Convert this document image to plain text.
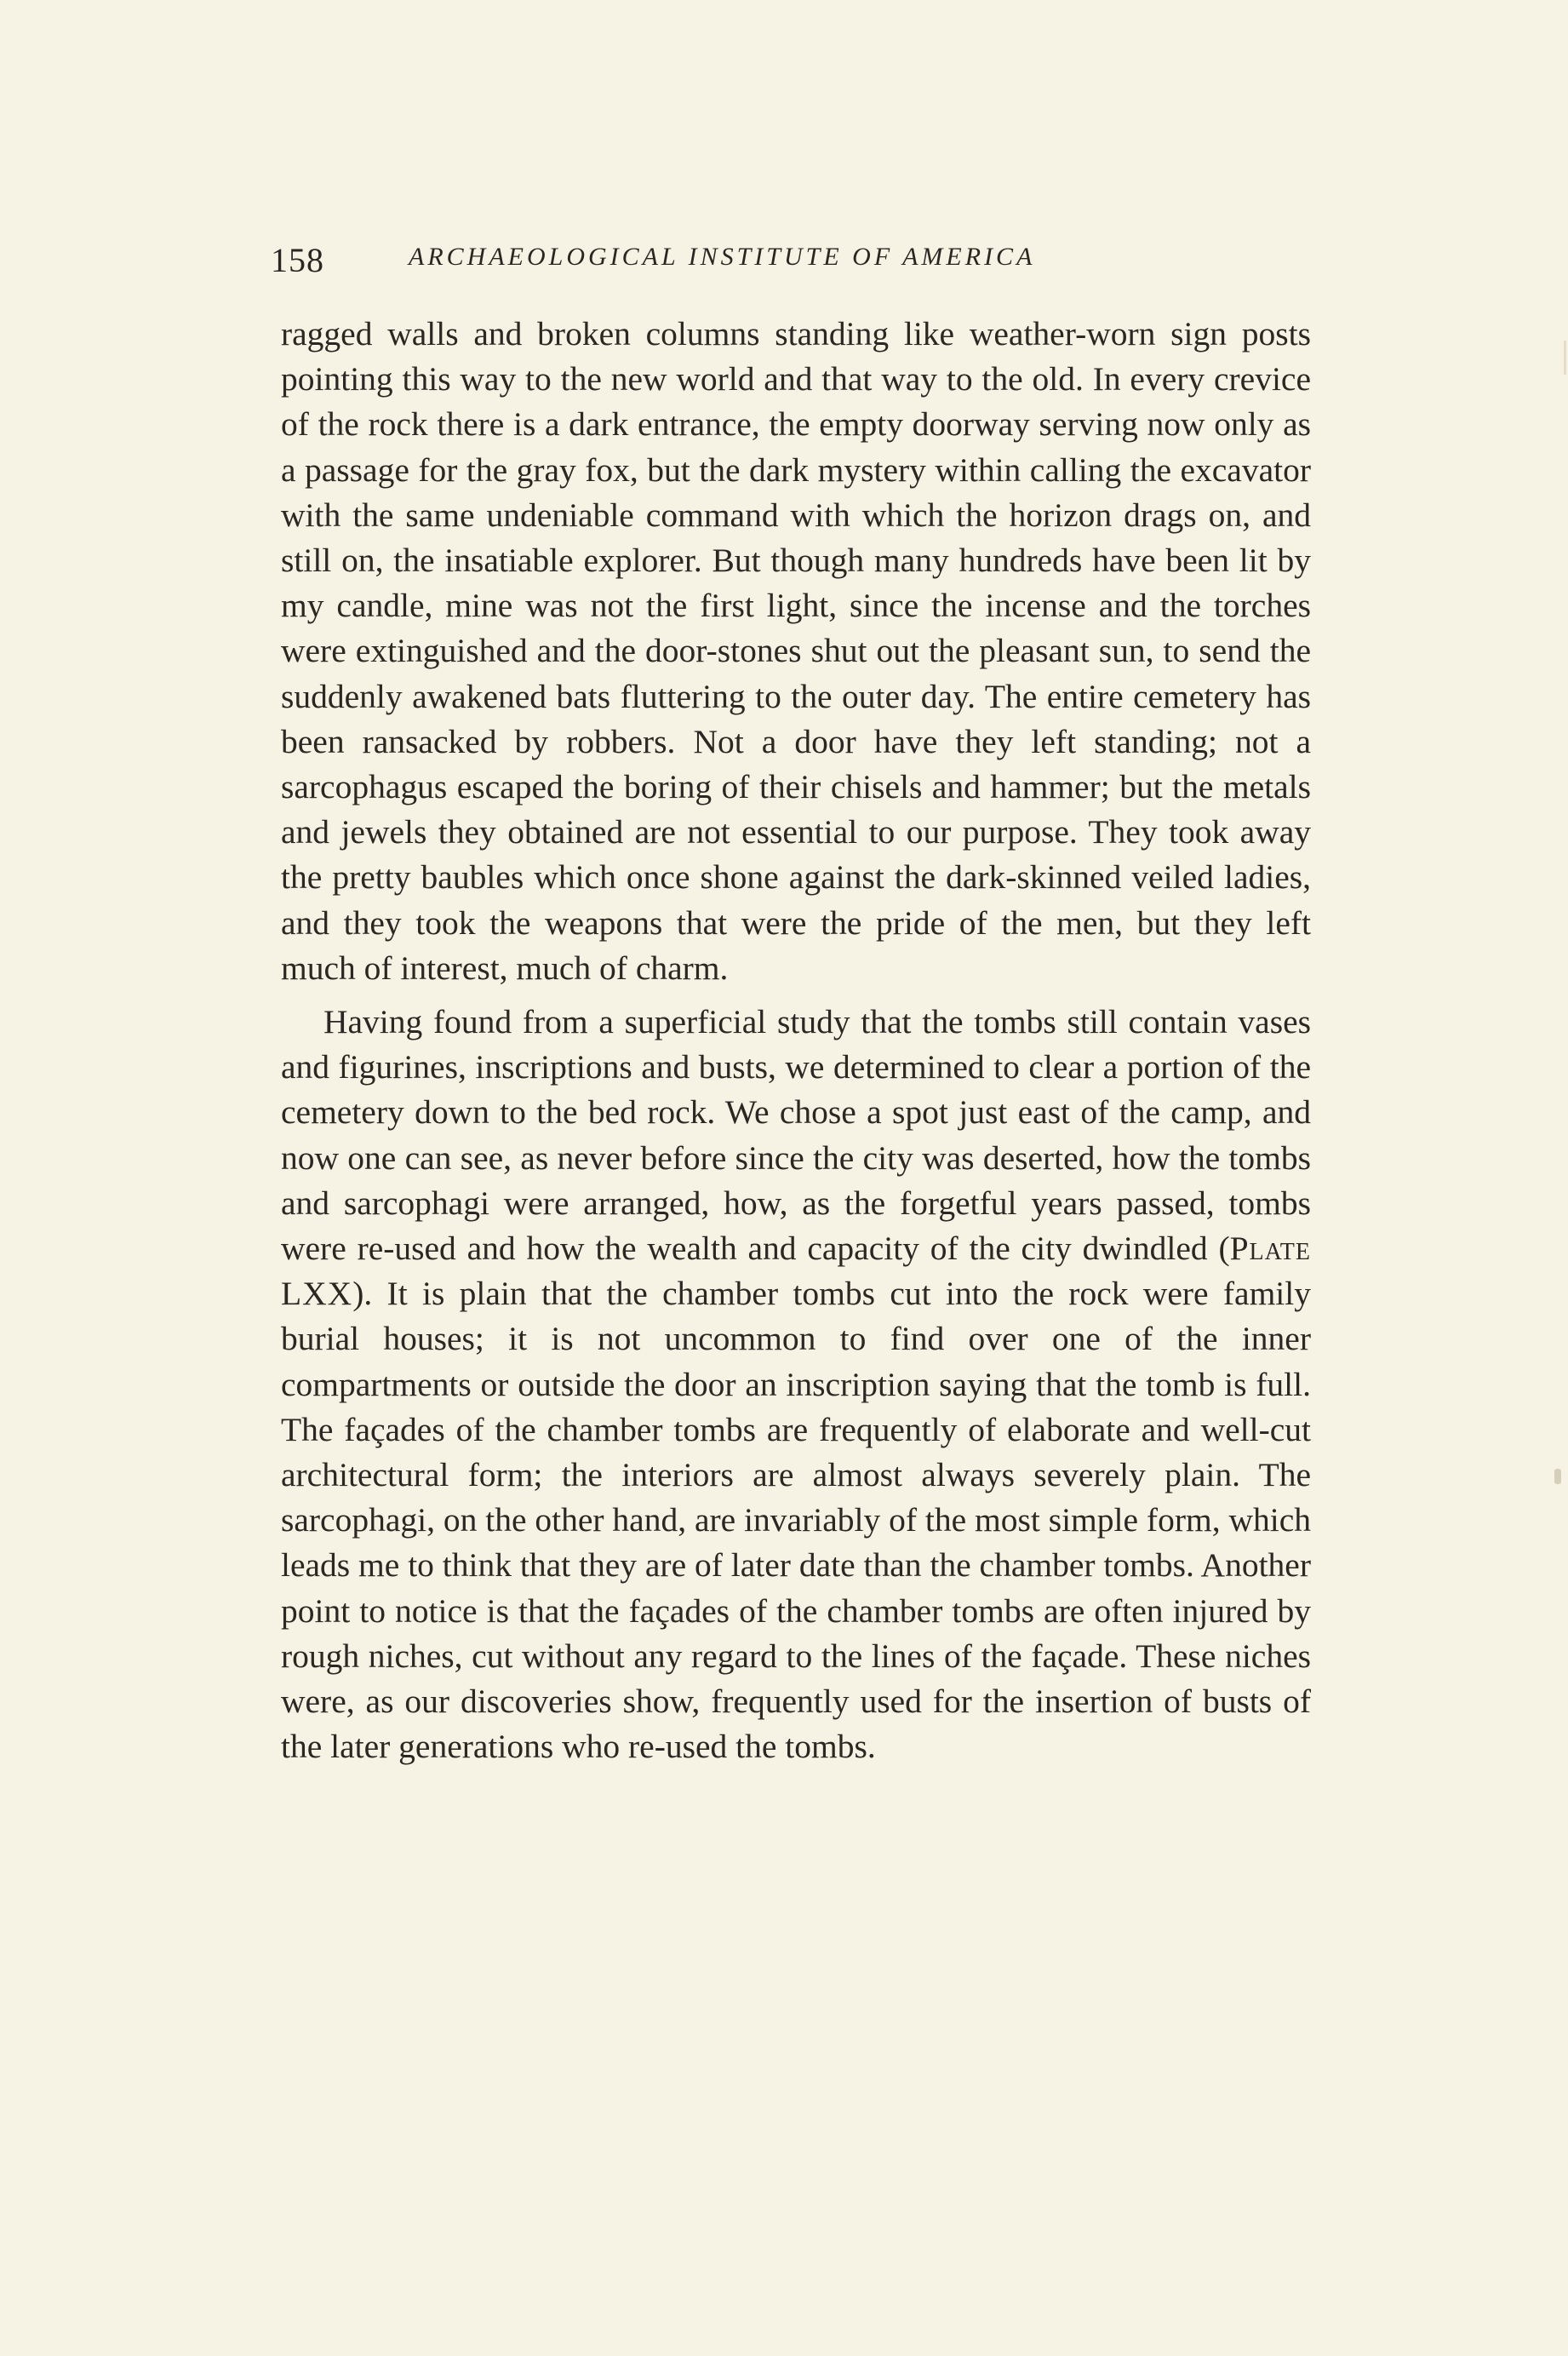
158	ARCHAEOLOGICAL INSTITUTE OF AMERICA

ragged walls and broken columns standing like weather-worn sign posts pointing this way to the new world and that way to the old. In every crevice of the rock there is a dark entrance, the empty doorway serving now only as a passage for the gray fox, but the dark mystery within calling the excavator with the same undeniable command with which the horizon drags on, and still on, the insatiable explorer. But though many hundreds have been lit by my candle, mine was not the first light, since the incense and the torches were extinguished and the door-stones shut out the pleasant sun, to send the suddenly awakened bats fluttering to the outer day. The entire cemetery has been ransacked by robbers. Not a door have they left standing; not a sarcophagus escaped the boring of their chisels and hammer; but the metals and jewels they obtained are not essential to our purpose. They took away the pretty baubles which once shone against the dark-skinned veiled ladies, and they took the weapons that were the pride of the men, but they left much of interest, much of charm.

Having found from a superficial study that the tombs still contain vases and figurines, inscriptions and busts, we determined to clear a portion of the cemetery down to the bed rock. We chose a spot just east of the camp, and now one can see, as never before since the city was deserted, how the tombs and sarcophagi were arranged, how, as the forgetful years passed, tombs were re-used and how the wealth and capacity of the city dwindled (Plate LXX). It is plain that the chamber tombs cut into the rock were family burial houses; it is not uncommon to find over one of the inner compartments or outside the door an inscription saying that the tomb is full. The façades of the chamber tombs are frequently of elaborate and well-cut architectural form; the interiors are almost always severely plain. The sarcophagi, on the other hand, are invariably of the most simple form, which leads me to think that they are of later date than the chamber tombs. Another point to notice is that the façades of the chamber tombs are often injured by rough niches, cut without any regard to the lines of the façade. These niches were, as our discoveries show, frequently used for the insertion of busts of the later generations who re-used the tombs.
